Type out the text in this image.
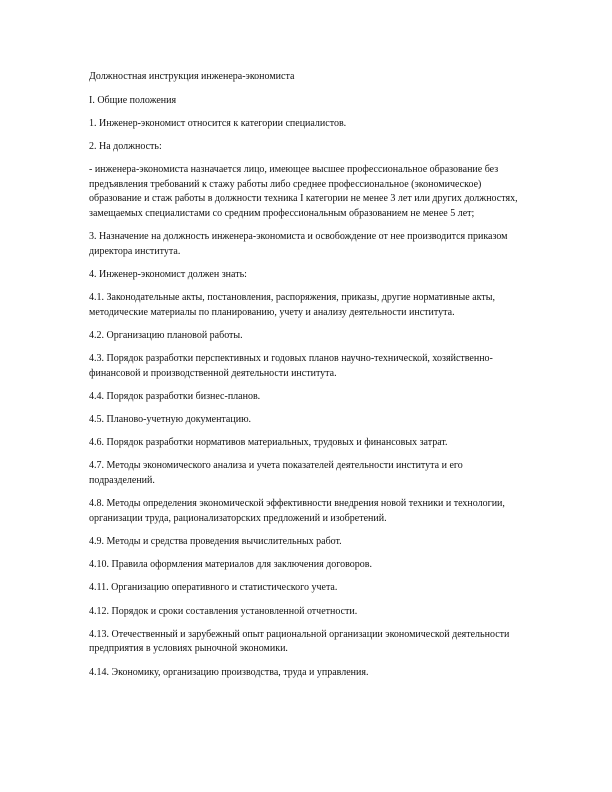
Должностная инструкция инженера-экономиста

I. Общие положения

1. Инженер-экономист относится к категории специалистов.

2. На должность:

- инженера-экономиста назначается лицо, имеющее высшее профессиональное образование без предъявления требований к стажу работы либо среднее профессиональное (экономическое) образование и стаж работы в должности техника I категории не менее 3 лет или других должностях, замещаемых специалистами со средним профессиональным образованием не менее 5 лет;

3. Назначение на должность инженера-экономиста и освобождение от нее производится приказом директора института.

4. Инженер-экономист должен знать:

4.1. Законодательные акты, постановления, распоряжения, приказы, другие нормативные акты, методические материалы по планированию, учету и анализу деятельности института.

4.2. Организацию плановой работы.

4.3. Порядок разработки перспективных и годовых планов научно-технической, хозяйственно-финансовой и производственной деятельности института.

4.4. Порядок разработки бизнес-планов.

4.5. Планово-учетную документацию.

4.6. Порядок разработки нормативов материальных, трудовых и финансовых затрат.

4.7. Методы экономического анализа и учета показателей деятельности института и его подразделений.

4.8. Методы определения экономической эффективности внедрения новой техники и технологии, организации труда, рационализаторских предложений и изобретений.

4.9. Методы и средства проведения вычислительных работ.

4.10. Правила оформления материалов для заключения договоров.

4.11. Организацию оперативного и статистического учета.

4.12. Порядок и сроки составления установленной отчетности.

4.13. Отечественный и зарубежный опыт рациональной организации экономической деятельности предприятия в условиях рыночной экономики.

4.14. Экономику, организацию производства, труда и управления.
